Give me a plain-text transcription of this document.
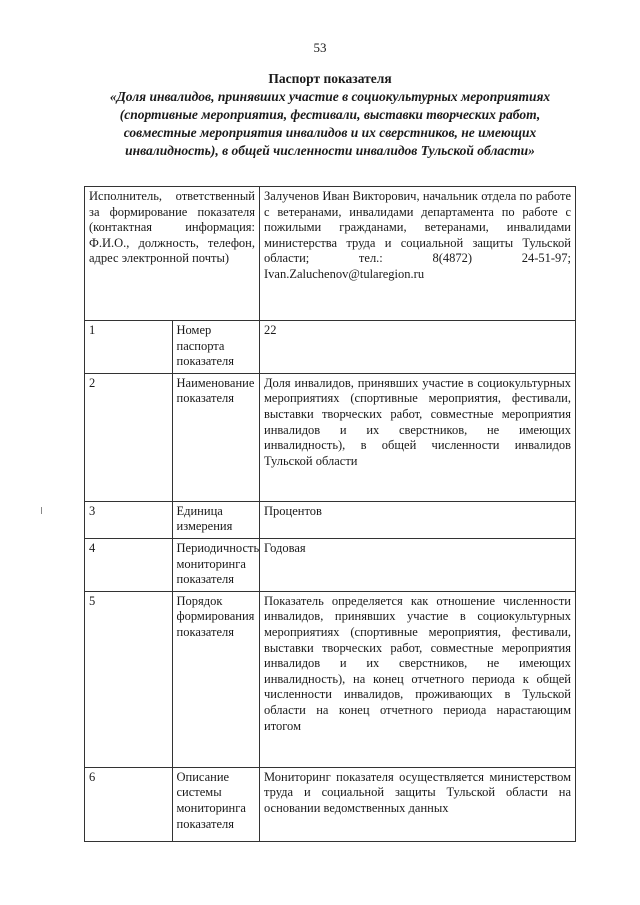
53
Паспорт показателя
«Доля инвалидов, принявших участие в социокультурных мероприятиях (спортивные мероприятия, фестивали, выставки творческих работ, совместные мероприятия инвалидов и их сверстников, не имеющих инвалидность), в общей численности инвалидов Тульской области»
Исполнитель, ответственный за формирование показателя (контактная информация: Ф.И.О., должность, телефон, адрес электронной почты)		Залученов Иван Викторович, начальник отдела по работе с ветеранами, инвалидами департамента по работе с пожилыми гражданами, ветеранами, инвалидами министерства труда и социальной защиты Тульской области; тел.: 8(4872) 24-51-97; Ivan.Zaluchenov@tularegion.ru
1	Номер паспорта показателя	22
2	Наименование показателя	Доля инвалидов, принявших участие в социокультурных мероприятиях (спортивные мероприятия, фестивали, выставки творческих работ, совместные мероприятия инвалидов и их сверстников, не имеющих инвалидность), в общей численности инвалидов Тульской области
3	Единица измерения	Процентов
4	Периодичность мониторинга показателя	Годовая
5	Порядок формирования показателя	Показатель определяется как отношение численности инвалидов, принявших участие в социокультурных мероприятиях (спортивные мероприятия, фестивали, выставки творческих работ, совместные мероприятия инвалидов и их сверстников, не имеющих инвалидность), на конец отчетного периода к общей численности инвалидов, проживающих в Тульской области на конец отчетного периода нарастающим итогом
6	Описание системы мониторинга показателя	Мониторинг показателя осуществляется министерством труда и социальной защиты Тульской области на основании ведомственных данных
